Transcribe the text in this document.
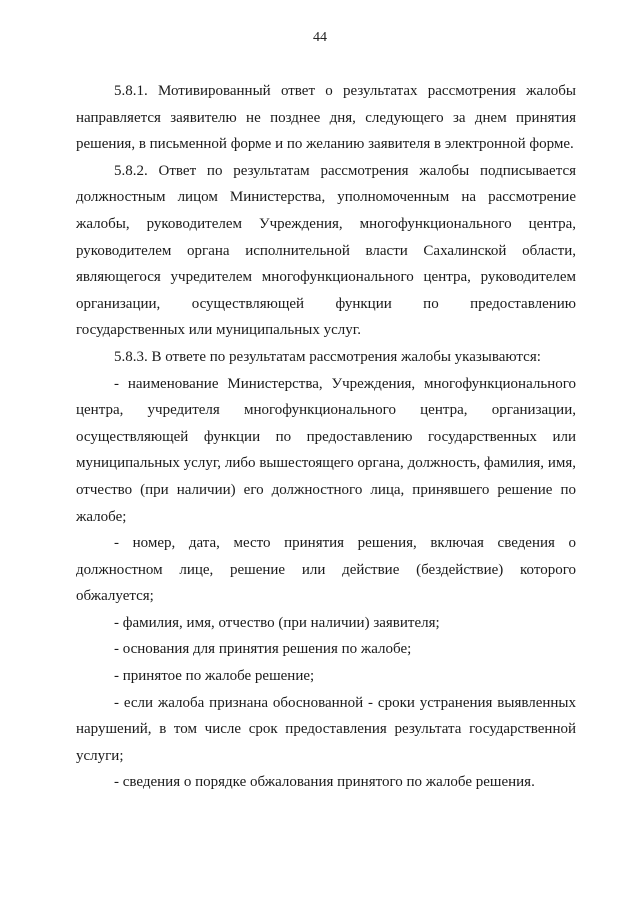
44

5.8.1. Мотивированный ответ о результатах рассмотрения жалобы направляется заявителю не позднее дня, следующего за днем принятия решения, в письменной форме и по желанию заявителя в электронной форме.

5.8.2. Ответ по результатам рассмотрения жалобы подписывается должностным лицом Министерства, уполномоченным на рассмотрение жалобы, руководителем Учреждения, многофункционального центра, руководителем органа исполнительной власти Сахалинской области, являющегося учредителем многофункционального центра, руководителем организации, осуществляющей функции по предоставлению государственных или муниципальных услуг.

5.8.3. В ответе по результатам рассмотрения жалобы указываются:

- наименование Министерства, Учреждения, многофункционального центра, учредителя многофункционального центра, организации, осуществляющей функции по предоставлению государственных или муниципальных услуг, либо вышестоящего органа, должность, фамилия, имя, отчество (при наличии) его должностного лица, принявшего решение по жалобе;

- номер, дата, место принятия решения, включая сведения о должностном лице, решение или действие (бездействие) которого обжалуется;

- фамилия, имя, отчество (при наличии) заявителя;

- основания для принятия решения по жалобе;

- принятое по жалобе решение;

- если жалоба признана обоснованной - сроки устранения выявленных нарушений, в том числе срок предоставления результата государственной услуги;

- сведения о порядке обжалования принятого по жалобе решения.
